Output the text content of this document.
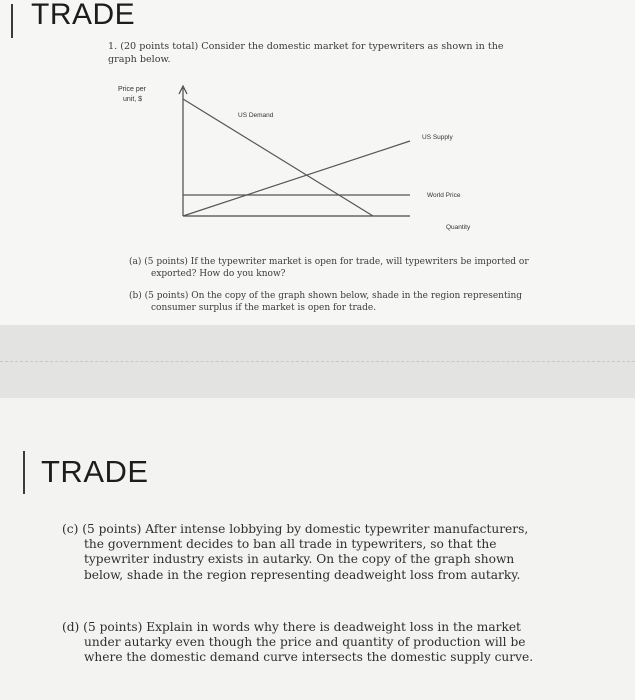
TRADE
1. (20 points total) Consider the domestic market for typewriters as shown in the graph below.
Price per
unit, $
US Demand
US Supply
World Price
Quantity
(a) (5 points) If the typewriter market is open for trade, will typewriters be imported or exported? How do you know?
(b) (5 points) On the copy of the graph shown below, shade in the region representing consumer surplus if the market is open for trade.
TRADE
(c) (5 points) After intense lobbying by domestic typewriter manufacturers, the government decides to ban all trade in typewriters, so that the typewriter industry exists in autarky. On the copy of the graph shown below, shade in the region representing deadweight loss from autarky.
(d) (5 points) Explain in words why there is deadweight loss in the market under autarky even though the price and quantity of production will be where the domestic demand curve intersects the domestic supply curve.
